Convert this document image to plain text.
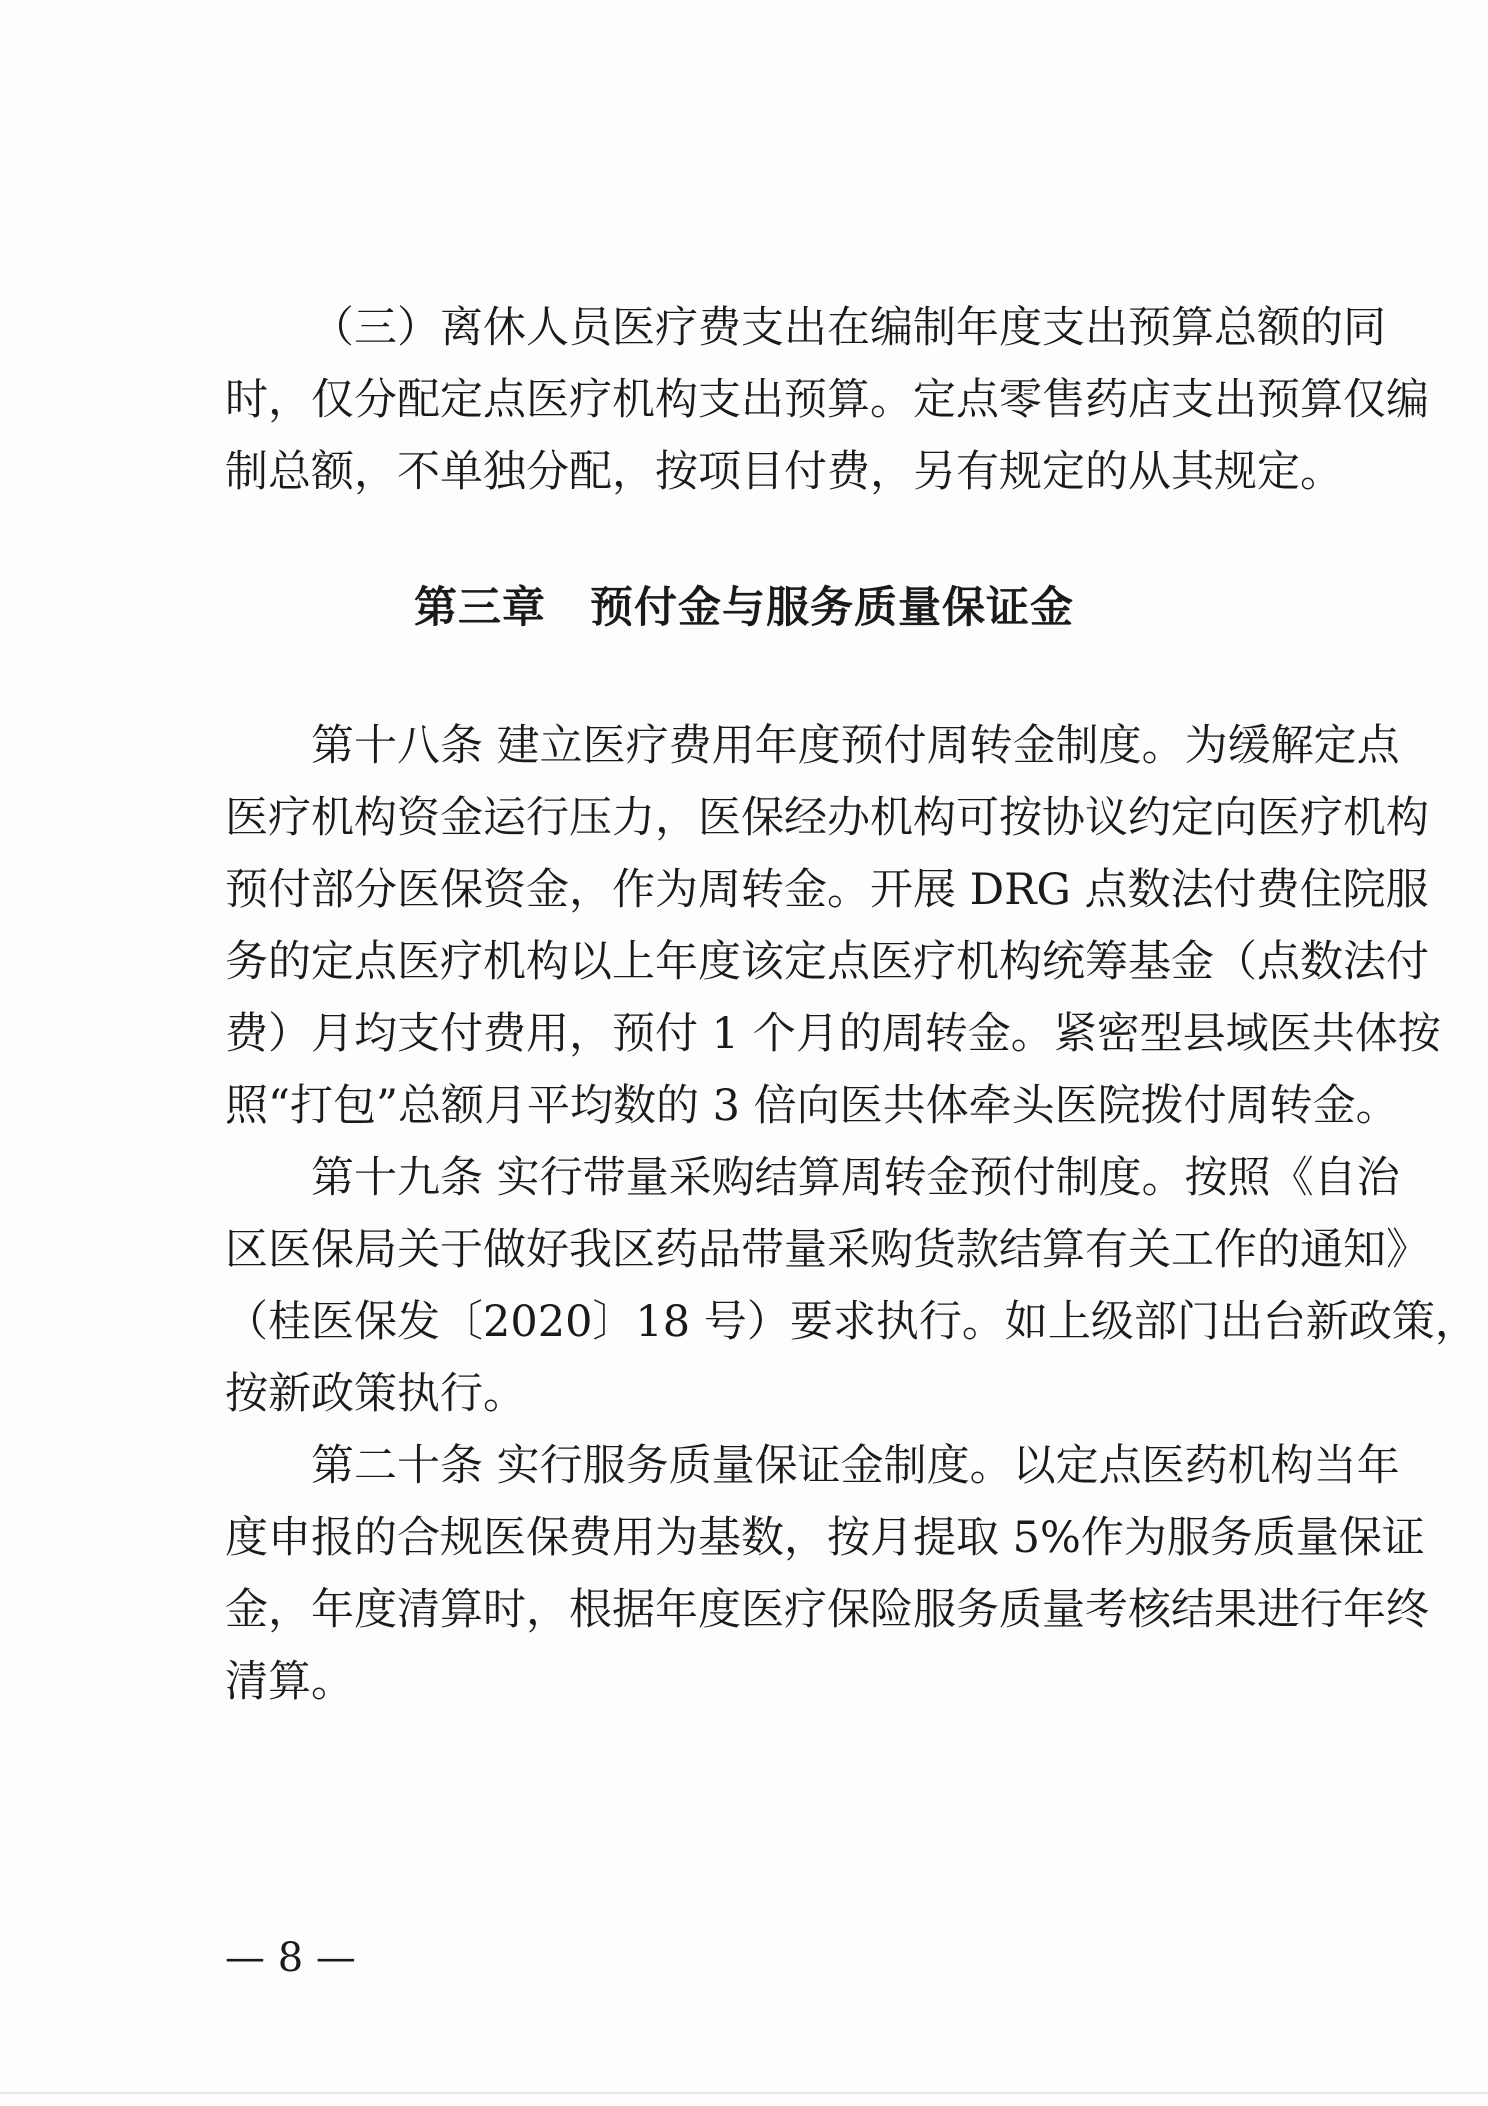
（三）离休人员医疗费支出在编制年度支出预算总额的同
时，仅分配定点医疗机构支出预算。定点零售药店支出预算仅编
制总额，不单独分配，按项目付费，另有规定的从其规定。
第三章　预付金与服务质量保证金
第十八条 建立医疗费用年度预付周转金制度。为缓解定点
医疗机构资金运行压力，医保经办机构可按协议约定向医疗机构
预付部分医保资金，作为周转金。开展 DRG 点数法付费住院服
务的定点医疗机构以上年度该定点医疗机构统筹基金（点数法付
费）月均支付费用，预付 1 个月的周转金。紧密型县域医共体按
照“打包”总额月平均数的 3 倍向医共体牵头医院拨付周转金。
第十九条 实行带量采购结算周转金预付制度。按照《自治
区医保局关于做好我区药品带量采购货款结算有关工作的通知》
（桂医保发〔2020〕18 号）要求执行。如上级部门出台新政策，
按新政策执行。
第二十条 实行服务质量保证金制度。以定点医药机构当年
度申报的合规医保费用为基数，按月提取 5%作为服务质量保证
金，年度清算时，根据年度医疗保险服务质量考核结果进行年终
清算。
— 8 —
